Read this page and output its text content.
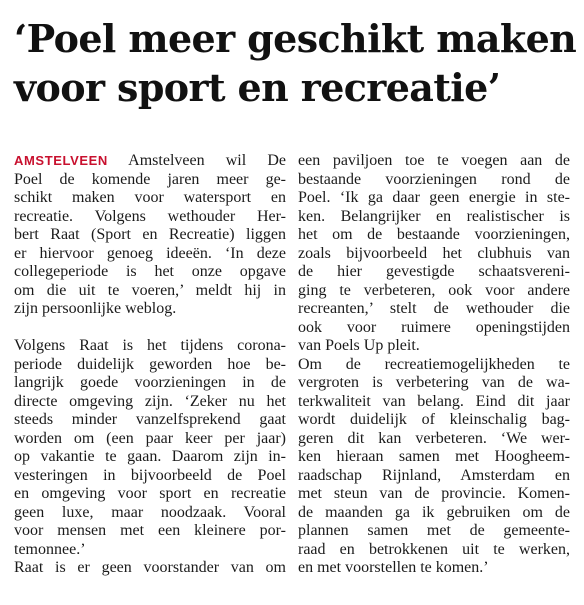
‘Poel meer geschikt maken
voor sport en recreatie’
AMSTELVEEN Amstelveen wil De
Poel de komende jaren meer ge-
schikt maken voor watersport en
recreatie. Volgens wethouder Her-
bert Raat (Sport en Recreatie) liggen
er hiervoor genoeg ideeën. ‘In deze
collegeperiode is het onze opgave
om die uit te voeren,’ meldt hij in
zijn persoonlijke weblog.
Volgens Raat is het tijdens corona-
periode duidelijk geworden hoe be-
langrijk goede voorzieningen in de
directe omgeving zijn. ‘Zeker nu het
steeds minder vanzelfsprekend gaat
worden om (een paar keer per jaar)
op vakantie te gaan. Daarom zijn in-
vesteringen in bijvoorbeeld de Poel
en omgeving voor sport en recreatie
geen luxe, maar noodzaak. Vooral
voor mensen met een kleinere por-
temonnee.’
Raat is er geen voorstander van om
een paviljoen toe te voegen aan de
bestaande voorzieningen rond de
Poel. ‘Ik ga daar geen energie in ste-
ken. Belangrijker en realistischer is
het om de bestaande voorzieningen,
zoals bijvoorbeeld het clubhuis van
de hier gevestigde schaatsvereni-
ging te verbeteren, ook voor andere
recreanten,’ stelt de wethouder die
ook voor ruimere openingstijden
van Poels Up pleit.
Om de recreatiemogelijkheden te
vergroten is verbetering van de wa-
terkwaliteit van belang. Eind dit jaar
wordt duidelijk of kleinschalig bag-
geren dit kan verbeteren. ‘We wer-
ken hieraan samen met Hoogheem-
raadschap Rijnland, Amsterdam en
met steun van de provincie. Komen-
de maanden ga ik gebruiken om de
plannen samen met de gemeente-
raad en betrokkenen uit te werken,
en met voorstellen te komen.’
